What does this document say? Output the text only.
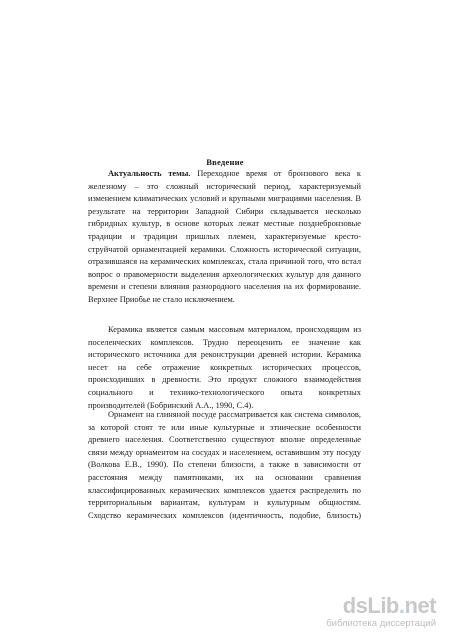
Введение
Актуальность темы. Переходное время от бронзового века к
железному – это сложный исторический период, характеризуемый
изменением климатических условий и крупными миграциями населения. В
результате на территории Западной Сибири складывается несколько
гибридных культур, в основе которых лежат местные позднебронзовые
традиции и традиции пришлых племен, характеризуемые кресто-
струйчатой орнаментацией керамики. Сложность исторической ситуации,
отразившаяся на керамических комплексах, стала причиной того, что встал
вопрос о правомерности выделения археологических культур для данного
времени и степени влияния разнородного населения на их формирование.
Верхнее Приобье не стало исключением.
Керамика является самым массовым материалом, происходящим из
поселенческих комплексов. Трудно переоценить ее значение как
исторического источника для реконструкции древней истории. Керамика
несет на себе отражение конкретных исторических процессов,
происходивших в древности. Это продукт сложного взаимодействия
социального и технико-технологического опыта конкретных
производителей (Бобринский А.А., 1990, С.4).
Орнамент на глиняной посуде рассматривается как система символов,
за которой стоят те или иные культурные и этнические особенности
древнего населения. Соответственно существуют вполне определенные
связи между орнаментом на сосудах и населением, оставившим эту посуду
(Волкова Е.В., 1990). По степени близости, а также в зависимости от
расстояния между памятниками, их на основании сравнения
классифицированных керамических комплексов удается распределить по
территориальным вариантам, культурам и культурным общностям.
Сходство керамических комплексов (идентичность, подобие, близость)
dsLib.net
библиотека диссертаций
